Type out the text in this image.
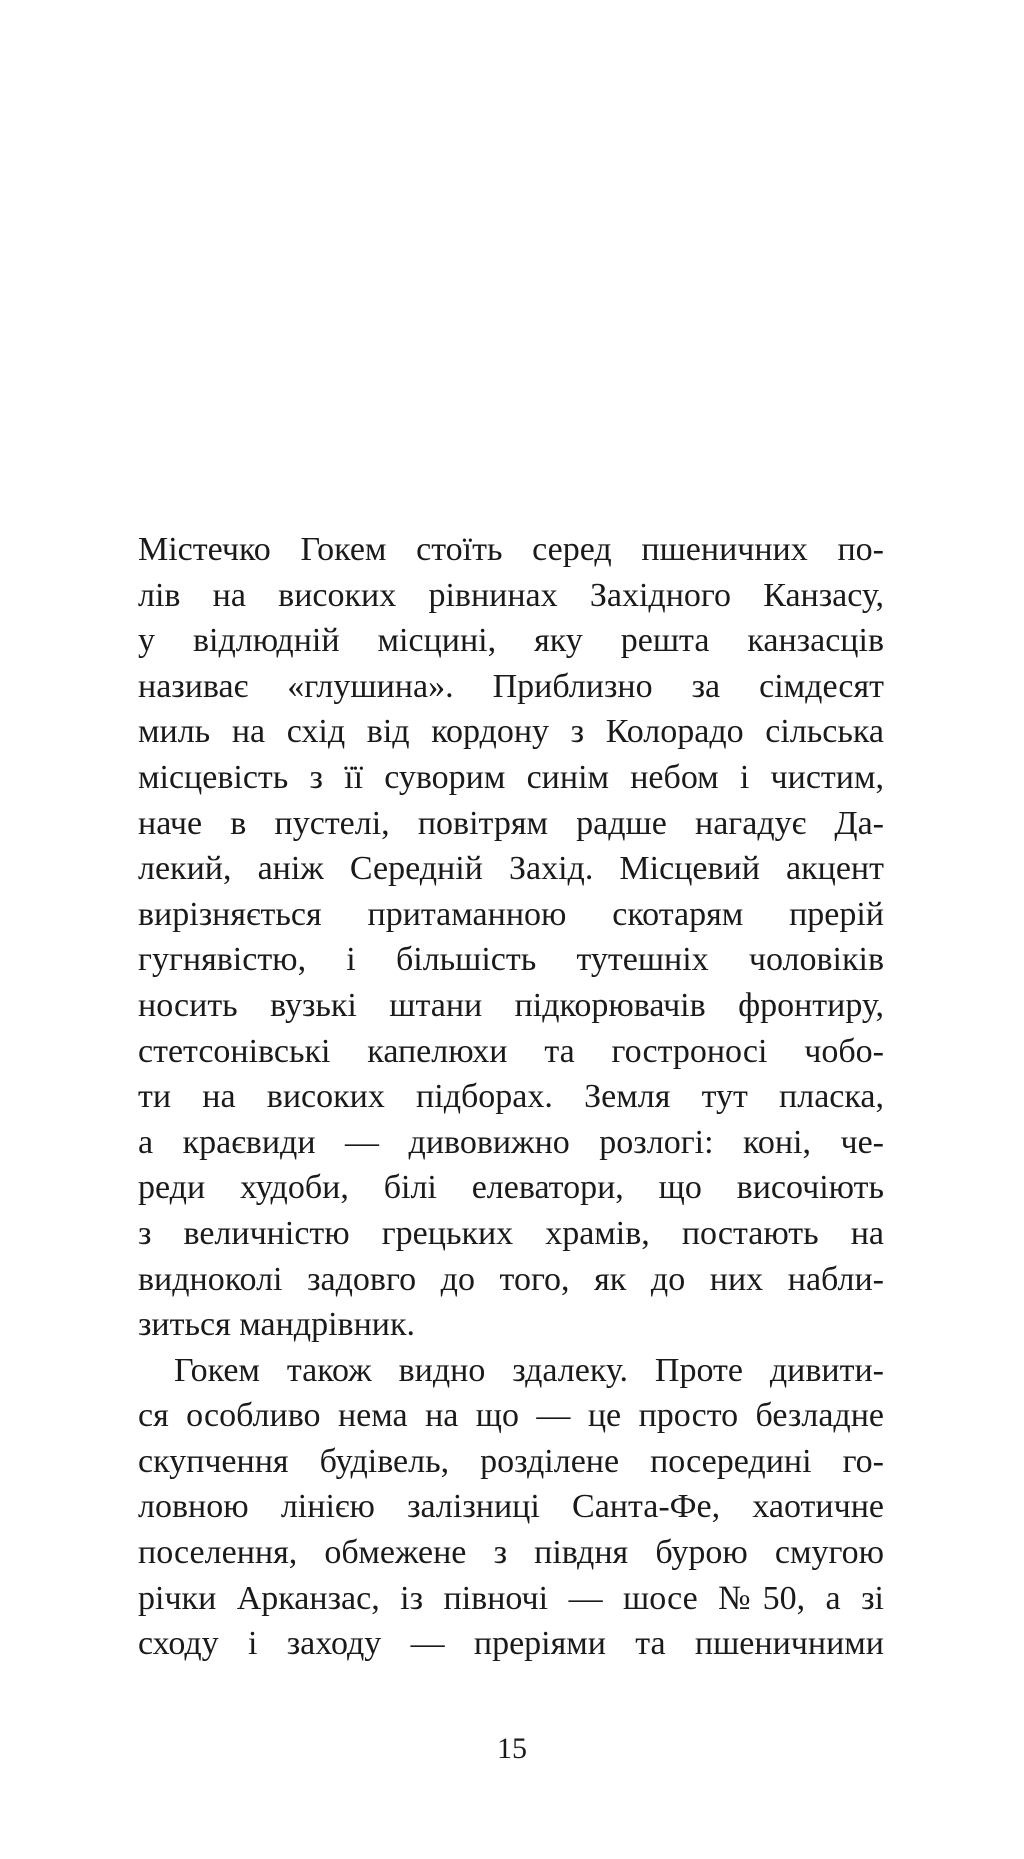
Містечко Гокем стоїть серед пшеничних по-
лів на високих рівнинах Західного Канзасу,
у відлюдній місцині, яку решта канзасців
називає «глушина». Приблизно за сімдесят
миль на схід від кордону з Колорадо сільська
місцевість з її суворим синім небом і чистим,
наче в пустелі, повітрям радше нагадує Да-
лекий, аніж Середній Захід. Місцевий акцент
вирізняється притаманною скотарям прерій
гугнявістю, і більшість тутешніх чоловіків
носить вузькі штани підкорювачів фронтиру,
стетсонівські капелюхи та гостроносі чобо-
ти на високих підборах. Земля тут пласка,
а краєвиди — дивовижно розлогі: коні, че-
реди худоби, білі елеватори, що височіють
з величністю грецьких храмів, постають на
видноколі задовго до того, як до них набли-
зиться мандрівник.
Гокем також видно здалеку. Проте дивити-
ся особливо нема на що — це просто безладне
скупчення будівель, розділене посередині го-
ловною лінією залізниці Санта-Фе, хаотичне
поселення, обмежене з півдня бурою смугою
річки Арканзас, із півночі — шосе №50, а зі
сходу і заходу — преріями та пшеничними
15
